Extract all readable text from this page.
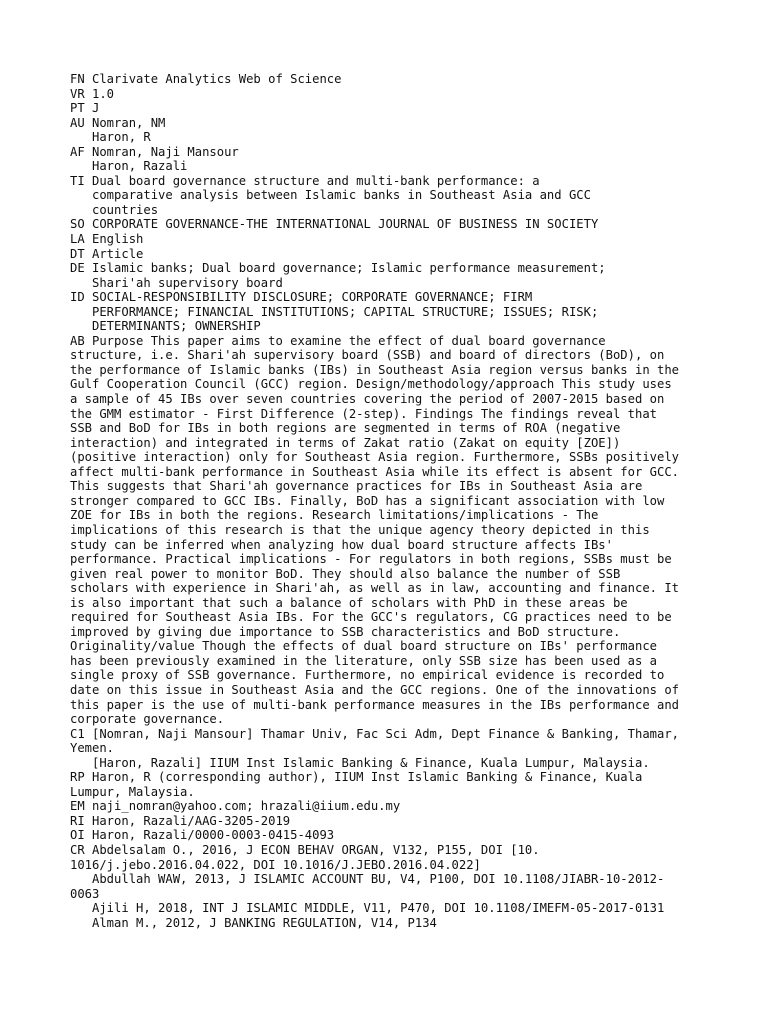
FN Clarivate Analytics Web of Science
VR 1.0
PT J
AU Nomran, NM
Haron, R
AF Nomran, Naji Mansour
Haron, Razali
TI Dual board governance structure and multi-bank performance: a
comparative analysis between Islamic banks in Southeast Asia and GCC
countries
SO CORPORATE GOVERNANCE-THE INTERNATIONAL JOURNAL OF BUSINESS IN SOCIETY
LA English
DT Article
DE Islamic banks; Dual board governance; Islamic performance measurement;
Shari'ah supervisory board
ID SOCIAL-RESPONSIBILITY DISCLOSURE; CORPORATE GOVERNANCE; FIRM
PERFORMANCE; FINANCIAL INSTITUTIONS; CAPITAL STRUCTURE; ISSUES; RISK;
DETERMINANTS; OWNERSHIP
AB Purpose This paper aims to examine the effect of dual board governance
structure, i.e. Shari'ah supervisory board (SSB) and board of directors (BoD), on
the performance of Islamic banks (IBs) in Southeast Asia region versus banks in the
Gulf Cooperation Council (GCC) region. Design/methodology/approach This study uses
a sample of 45 IBs over seven countries covering the period of 2007-2015 based on
the GMM estimator - First Difference (2-step). Findings The findings reveal that
SSB and BoD for IBs in both regions are segmented in terms of ROA (negative
interaction) and integrated in terms of Zakat ratio (Zakat on equity [ZOE])
(positive interaction) only for Southeast Asia region. Furthermore, SSBs positively
affect multi-bank performance in Southeast Asia while its effect is absent for GCC.
This suggests that Shari'ah governance practices for IBs in Southeast Asia are
stronger compared to GCC IBs. Finally, BoD has a significant association with low
ZOE for IBs in both the regions. Research limitations/implications - The
implications of this research is that the unique agency theory depicted in this
study can be inferred when analyzing how dual board structure affects IBs'
performance. Practical implications - For regulators in both regions, SSBs must be
given real power to monitor BoD. They should also balance the number of SSB
scholars with experience in Shari'ah, as well as in law, accounting and finance. It
is also important that such a balance of scholars with PhD in these areas be
required for Southeast Asia IBs. For the GCC's regulators, CG practices need to be
improved by giving due importance to SSB characteristics and BoD structure.
Originality/value Though the effects of dual board structure on IBs' performance
has been previously examined in the literature, only SSB size has been used as a
single proxy of SSB governance. Furthermore, no empirical evidence is recorded to
date on this issue in Southeast Asia and the GCC regions. One of the innovations of
this paper is the use of multi-bank performance measures in the IBs performance and
corporate governance.
C1 [Nomran, Naji Mansour] Thamar Univ, Fac Sci Adm, Dept Finance & Banking, Thamar,
Yemen.
[Haron, Razali] IIUM Inst Islamic Banking & Finance, Kuala Lumpur, Malaysia.
RP Haron, R (corresponding author), IIUM Inst Islamic Banking & Finance, Kuala
Lumpur, Malaysia.
EM naji_nomran@yahoo.com; hrazali@iium.edu.my
RI Haron, Razali/AAG-3205-2019
OI Haron, Razali/0000-0003-0415-4093
CR Abdelsalam O., 2016, J ECON BEHAV ORGAN, V132, P155, DOI [10.
1016/j.jebo.2016.04.022, DOI 10.1016/J.JEBO.2016.04.022]
Abdullah WAW, 2013, J ISLAMIC ACCOUNT BU, V4, P100, DOI 10.1108/JIABR-10-2012-
0063
Ajili H, 2018, INT J ISLAMIC MIDDLE, V11, P470, DOI 10.1108/IMEFM-05-2017-0131
Alman M., 2012, J BANKING REGULATION, V14, P134
